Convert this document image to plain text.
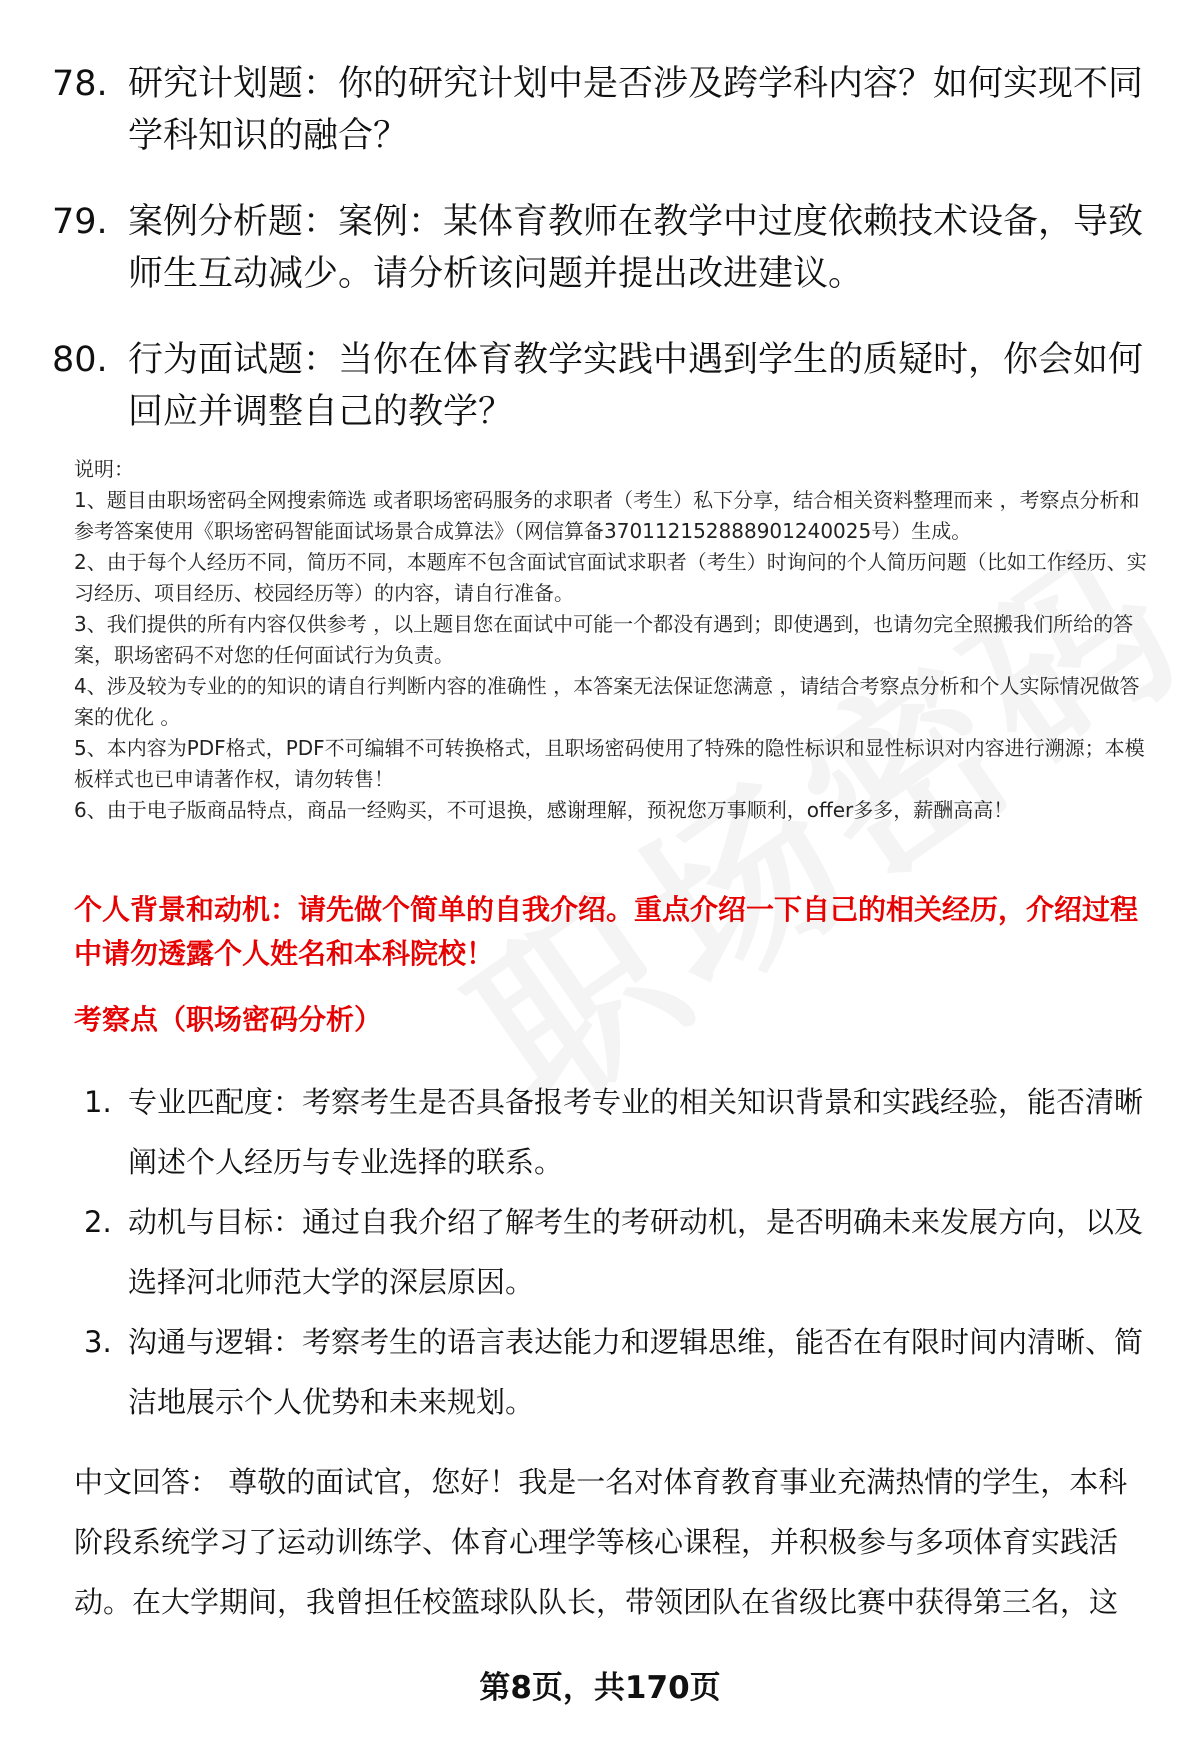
78. 研究计划题：你的研究计划中是否涉及跨学科内容？如何实现不同学科知识的融合？
79. 案例分析题：案例：某体育教师在教学中过度依赖技术设备，导致师生互动减少。请分析该问题并提出改进建议。
80. 行为面试题：当你在体育教学实践中遇到学生的质疑时，你会如何回应并调整自己的教学？

说明：

1、题目由职场密码全网搜索筛选 或者职场密码服务的求职者（考生）私下分享，结合相关资料整理而来 ，考察点分析和参考答案使用《职场密码智能面试场景合成算法》（网信算备370112152888901240025号）生成。

2、由于每个人经历不同，简历不同，本题库不包含面试官面试求职者（考生）时询问的个人简历问题（比如工作经历、实习经历、项目经历、校园经历等）的内容，请自行准备。

3、我们提供的所有内容仅供参考 ，以上题目您在面试中可能一个都没有遇到；即使遇到，也请勿完全照搬我们所给的答案，职场密码不对您的任何面试行为负责。

4、涉及较为专业的的知识的请自行判断内容的准确性 ，本答案无法保证您满意 ，请结合考察点分析和个人实际情况做答案的优化 。

5、本内容为PDF格式，PDF不可编辑不可转换格式，且职场密码使用了特殊的隐性标识和显性标识对内容进行溯源；本模板样式也已申请著作权，请勿转售！

6、由于电子版商品特点，商品一经购买，不可退换，感谢理解，预祝您万事顺利，offer多多，薪酬高高！

个人背景和动机：请先做个简单的自我介绍。重点介绍一下自己的相关经历，介绍过程中请勿透露个人姓名和本科院校！
考察点（职场密码分析）
1. 专业匹配度：考察考生是否具备报考专业的相关知识背景和实践经验，能否清晰阐述个人经历与专业选择的联系。
2. 动机与目标：通过自我介绍了解考生的考研动机，是否明确未来发展方向，以及选择河北师范大学的深层原因。
3. 沟通与逻辑：考察考生的语言表达能力和逻辑思维，能否在有限时间内清晰、简洁地展示个人优势和未来规划。
中文回答： 尊敬的面试官，您好！我是一名对体育教育事业充满热情的学生，本科阶段系统学习了运动训练学、体育心理学等核心课程，并积极参与多项体育实践活动。在大学期间，我曾担任校篮球队队长，带领团队在省级比赛中获得第三名，这
第8页，共170页
